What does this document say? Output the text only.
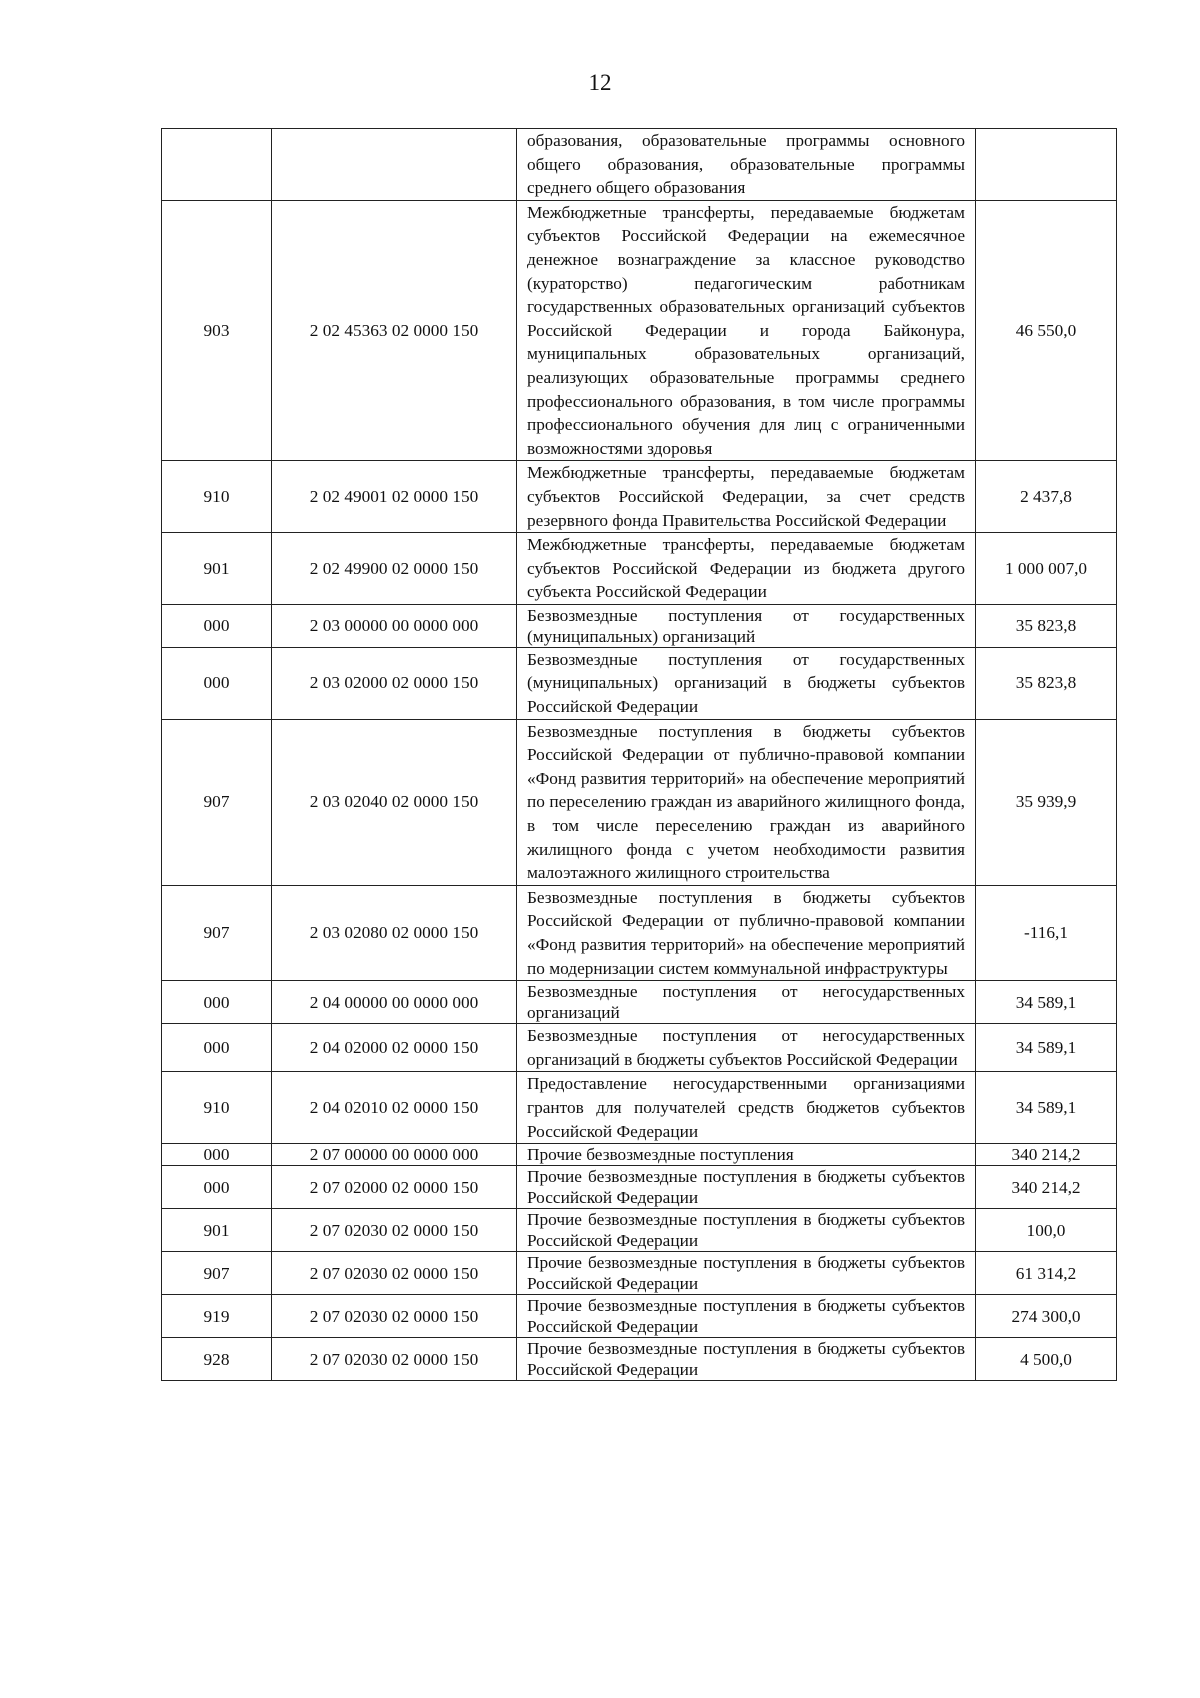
12
		образования, образовательные программы основного общего образования, образовательные программы среднего общего образования	
903	2 02 45363 02 0000 150	Межбюджетные трансферты, передаваемые бюджетам субъектов Российской Федерации на ежемесячное денежное вознаграждение за классное руководство (кураторство) педагогическим работникам государственных образовательных организаций субъектов Российской Федерации и города Байконура, муниципальных образовательных организаций, реализующих образовательные программы среднего профессионального образования, в том числе программы профессионального обучения для лиц с ограниченными возможностями здоровья	46 550,0
910	2 02 49001 02 0000 150	Межбюджетные трансферты, передаваемые бюджетам субъектов Российской Федерации, за счет средств резервного фонда Правительства Российской Федерации	2 437,8
901	2 02 49900 02 0000 150	Межбюджетные трансферты, передаваемые бюджетам субъектов Российской Федерации из бюджета другого субъекта Российской Федерации	1 000 007,0
000	2 03 00000 00 0000 000	Безвозмездные поступления от государственных (муниципальных) организаций	35 823,8
000	2 03 02000 02 0000 150	Безвозмездные поступления от государственных (муниципальных) организаций в бюджеты субъектов Российской Федерации	35 823,8
907	2 03 02040 02 0000 150	Безвозмездные поступления в бюджеты субъектов Российской Федерации от публично-правовой компании «Фонд развития территорий» на обеспечение мероприятий по переселению граждан из аварийного жилищного фонда, в том числе переселению граждан из аварийного жилищного фонда с учетом необходимости развития малоэтажного жилищного строительства	35 939,9
907	2 03 02080 02 0000 150	Безвозмездные поступления в бюджеты субъектов Российской Федерации от публично-правовой компании «Фонд развития территорий» на обеспечение мероприятий по модернизации систем коммунальной инфраструктуры	-116,1
000	2 04 00000 00 0000 000	Безвозмездные поступления от негосударственных организаций	34 589,1
000	2 04 02000 02 0000 150	Безвозмездные поступления от негосударственных организаций в бюджеты субъектов Российской Федерации	34 589,1
910	2 04 02010 02 0000 150	Предоставление негосударственными организациями грантов для получателей средств бюджетов субъектов Российской Федерации	34 589,1
000	2 07 00000 00 0000 000	Прочие безвозмездные поступления	340 214,2
000	2 07 02000 02 0000 150	Прочие безвозмездные поступления в бюджеты субъектов Российской Федерации	340 214,2
901	2 07 02030 02 0000 150	Прочие безвозмездные поступления в бюджеты субъектов Российской Федерации	100,0
907	2 07 02030 02 0000 150	Прочие безвозмездные поступления в бюджеты субъектов Российской Федерации	61 314,2
919	2 07 02030 02 0000 150	Прочие безвозмездные поступления в бюджеты субъектов Российской Федерации	274 300,0
928	2 07 02030 02 0000 150	Прочие безвозмездные поступления в бюджеты субъектов Российской Федерации	4 500,0
